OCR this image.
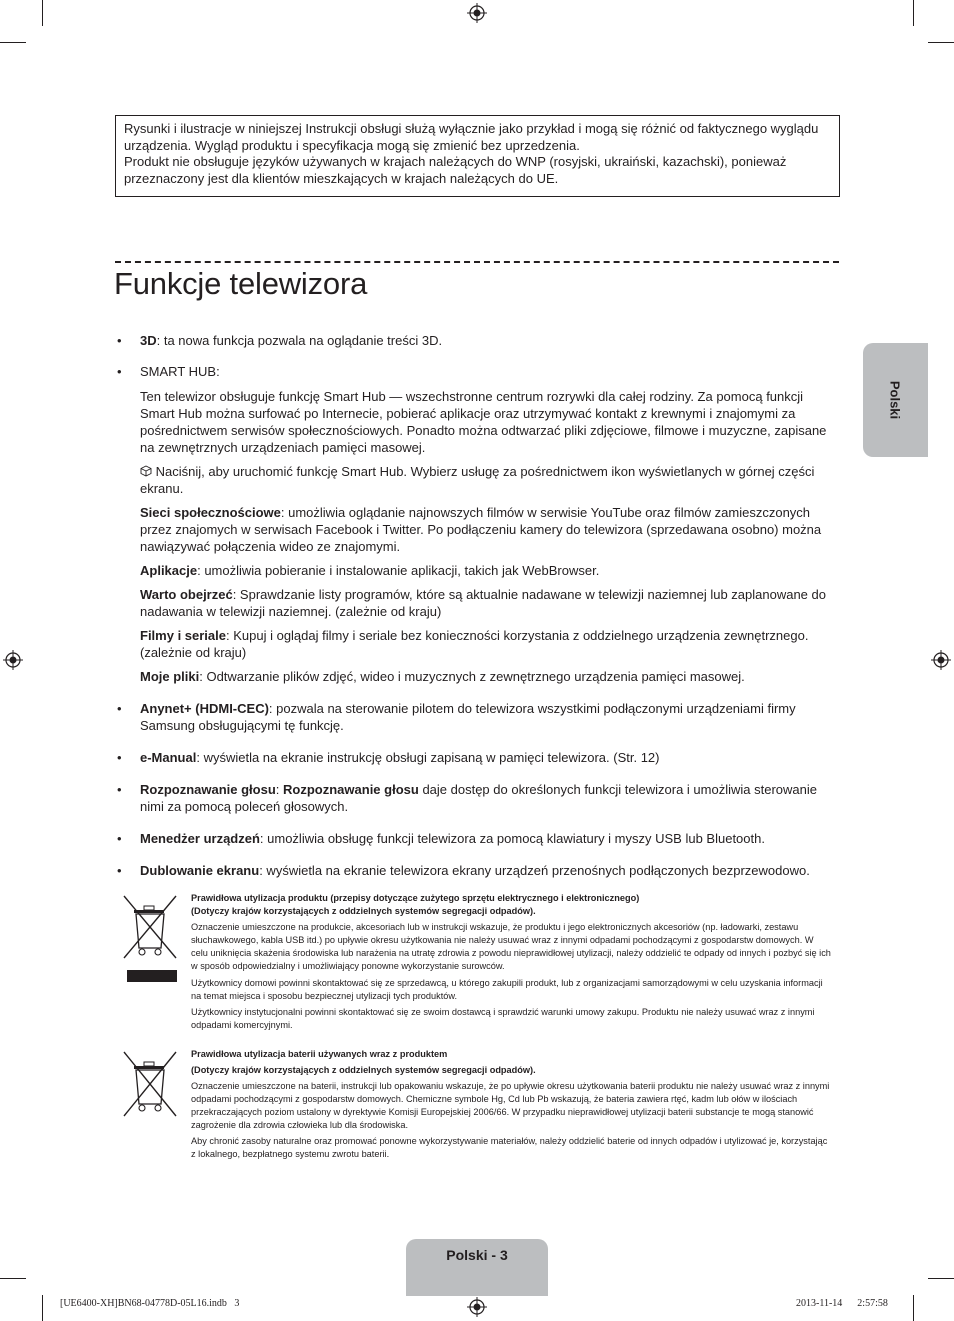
Rysunki i ilustracje w niniejszej Instrukcji obsługi służą wyłącznie jako przykład i mogą się różnić od faktycznego wyglądu urządzenia. Wygląd produktu i specyfikacja mogą się zmienić bez uprzedzenia.

Produkt nie obsługuje języków używanych w krajach należących do WNP (rosyjski, ukraiński, kazachski), ponieważ przeznaczony jest dla klientów mieszkających w krajach należących do UE.

Funkcje telewizora
Polski
• 3D: ta nowa funkcja pozwala na oglądanie treści 3D.
• SMART HUB:

Ten telewizor obsługuje funkcję Smart Hub — wszechstronne centrum rozrywki dla całej rodziny. Za pomocą funkcji Smart Hub można surfować po Internecie, pobierać aplikacje oraz utrzymywać kontakt z krewnymi i znajomymi za pośrednictwem serwisów społecznościowych. Ponadto można odtwarzać pliki zdjęciowe, filmowe i muzyczne, zapisane na zewnętrznych urządzeniach pamięci masowej.

Naciśnij, aby uruchomić funkcję Smart Hub. Wybierz usługę za pośrednictwem ikon wyświetlanych w górnej części ekranu.

Sieci społecznościowe: umożliwia oglądanie najnowszych filmów w serwisie YouTube oraz filmów zamieszczonych przez znajomych w serwisach Facebook i Twitter. Po podłączeniu kamery do telewizora (sprzedawana osobno) można nawiązywać połączenia wideo ze znajomymi.

Aplikacje: umożliwia pobieranie i instalowanie aplikacji, takich jak WebBrowser.

Warto obejrzeć: Sprawdzanie listy programów, które są aktualnie nadawane w telewizji naziemnej lub zaplanowane do nadawania w telewizji naziemnej. (zależnie od kraju)

Filmy i seriale: Kupuj i oglądaj filmy i seriale bez konieczności korzystania z oddzielnego urządzenia zewnętrznego. (zależnie od kraju)

Moje pliki: Odtwarzanie plików zdjęć, wideo i muzycznych z zewnętrznego urządzenia pamięci masowej.

• Anynet+ (HDMI-CEC): pozwala na sterowanie pilotem do telewizora wszystkimi podłączonymi urządzeniami firmy Samsung obsługującymi tę funkcję.
• e-Manual: wyświetla na ekranie instrukcję obsługi zapisaną w pamięci telewizora. (Str. 12)
• Rozpoznawanie głosu: Rozpoznawanie głosu daje dostęp do określonych funkcji telewizora i umożliwia sterowanie nimi za pomocą poleceń głosowych.
• Menedżer urządzeń: umożliwia obsługę funkcji telewizora za pomocą klawiatury i myszy USB lub Bluetooth.
• Dublowanie ekranu: wyświetla na ekranie telewizora ekrany urządzeń przenośnych podłączonych bezprzewodowo.

Prawidłowa utylizacja produktu (przepisy dotyczące zużytego sprzętu elektrycznego i elektronicznego)

(Dotyczy krajów korzystających z oddzielnych systemów segregacji odpadów).

Oznaczenie umieszczone na produkcie, akcesoriach lub w instrukcji wskazuje, że produktu i jego elektronicznych akcesoriów (np. ładowarki, zestawu słuchawkowego, kabla USB itd.) po upływie okresu użytkowania nie należy usuwać wraz z innymi odpadami pochodzącymi z gospodarstw domowych. W celu uniknięcia skażenia środowiska lub narażenia na utratę zdrowia z powodu nieprawidłowej utylizacji, należy oddzielić te odpady od innych i pozbyć się ich w sposób odpowiedzialny i umożliwiający ponowne wykorzystanie surowców.

Użytkownicy domowi powinni skontaktować się ze sprzedawcą, u którego zakupili produkt, lub z organizacjami samorządowymi w celu uzyskania informacji na temat miejsca i sposobu bezpiecznej utylizacji tych produktów.

Użytkownicy instytucjonalni powinni skontaktować się ze swoim dostawcą i sprawdzić warunki umowy zakupu. Produktu nie należy usuwać wraz z innymi odpadami komercyjnymi.

Prawidłowa utylizacja baterii używanych wraz z produktem

(Dotyczy krajów korzystających z oddzielnych systemów segregacji odpadów).

Oznaczenie umieszczone na baterii, instrukcji lub opakowaniu wskazuje, że po upływie okresu użytkowania baterii produktu nie należy usuwać wraz z innymi odpadami pochodzącymi z gospodarstw domowych. Chemiczne symbole Hg, Cd lub Pb wskazują, że bateria zawiera rtęć, kadm lub ołów w ilościach przekraczających poziom ustalony w dyrektywie Komisji Europejskiej 2006/66. W przypadku nieprawidłowej utylizacji baterii substancje te mogą stanowić zagrożenie dla zdrowia człowieka lub dla środowiska.

Aby chronić zasoby naturalne oraz promować ponowne wykorzystywanie materiałów, należy oddzielić baterie od innych odpadów i utylizować je, korzystając z lokalnego, bezpłatnego systemu zwrotu baterii.

Polski - 3
[UE6400-XH]BN68-04778D-05L16.indb   3	2013-11-14      2:57:58
